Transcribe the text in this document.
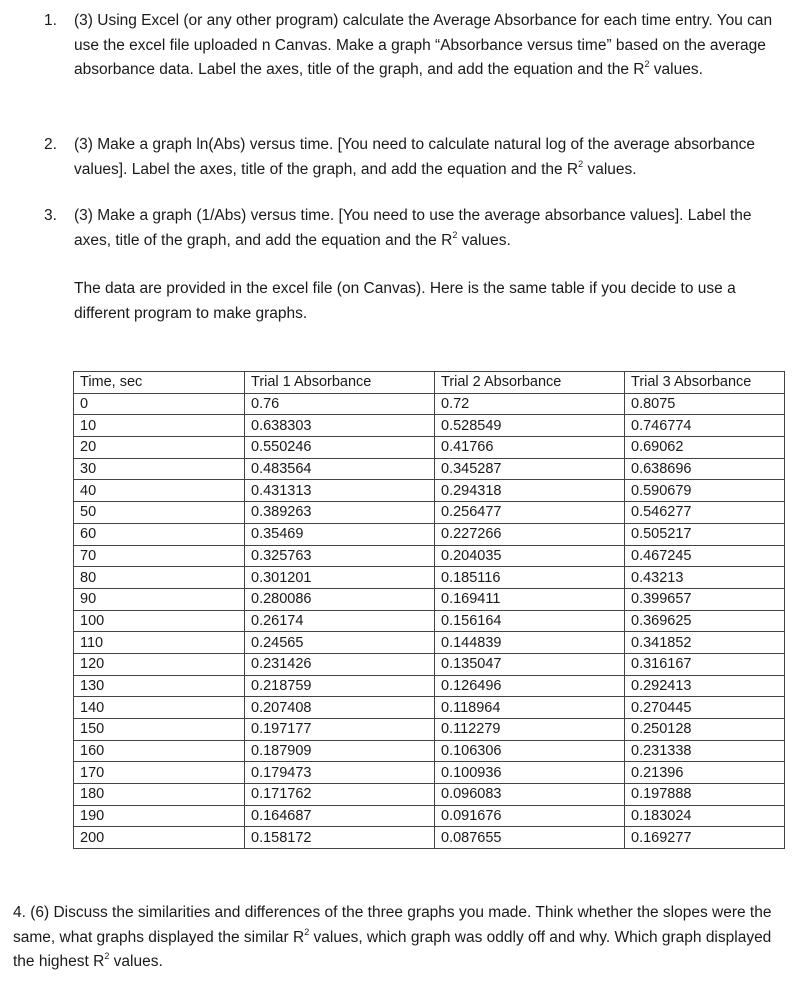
1.	(3) Using Excel (or any other program) calculate the Average Absorbance for each time entry. You can use the excel file uploaded n Canvas. Make a graph “Absorbance versus time” based on the average absorbance data. Label the axes, title of the graph, and add the equation and the $R^2$ values.
2.	(3) Make a graph ln(Abs) versus time. [You need to calculate natural log of the average absorbance values]. Label the axes, title of the graph, and add the equation and the $R^2$ values.
3.	(3) Make a graph (1/Abs) versus time. [You need to use the average absorbance values]. Label the axes, title of the graph, and add the equation and the $R^2$ values.
The data are provided in the excel file (on Canvas). Here is the same table if you decide to use a different program to make graphs.
Time, sec	Trial 1 Absorbance	Trial 2 Absorbance	Trial 3 Absorbance
0	0.76	0.72	0.8075
10	0.638303	0.528549	0.746774
20	0.550246	0.41766	0.69062
30	0.483564	0.345287	0.638696
40	0.431313	0.294318	0.590679
50	0.389263	0.256477	0.546277
60	0.35469	0.227266	0.505217
70	0.325763	0.204035	0.467245
80	0.301201	0.185116	0.43213
90	0.280086	0.169411	0.399657
100	0.26174	0.156164	0.369625
110	0.24565	0.144839	0.341852
120	0.231426	0.135047	0.316167
130	0.218759	0.126496	0.292413
140	0.207408	0.118964	0.270445
150	0.197177	0.112279	0.250128
160	0.187909	0.106306	0.231338
170	0.179473	0.100936	0.21396
180	0.171762	0.096083	0.197888
190	0.164687	0.091676	0.183024
200	0.158172	0.087655	0.169277
4. (6) Discuss the similarities and differences of the three graphs you made. Think whether the slopes were the same, what graphs displayed the similar $R^2$ values, which graph was oddly off and why. Which graph displayed the highest $R^2$ values.
